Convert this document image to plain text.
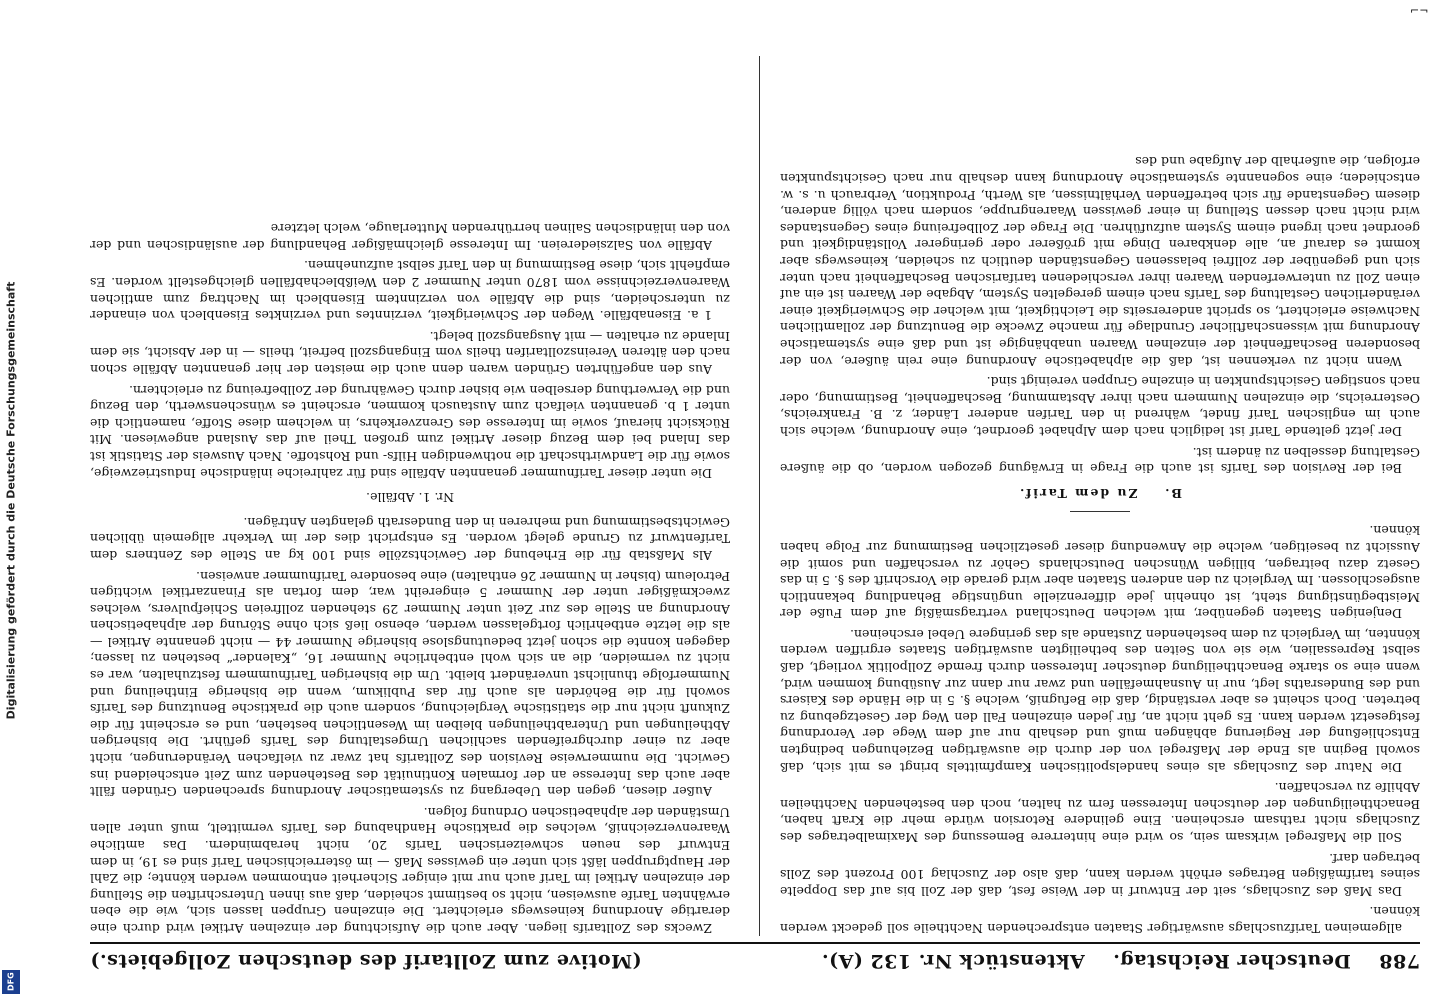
Digitalisierung gefördert durch die Deutsche Forschungsgemeinschaft
DFG
⌐¬
788
Deutscher Reichstag.
Aktenstück Nr. 132 (A).
(Motive zum Zolltarif des deutschen Zollgebiets.)

allgemeinen Tarifzuschlags auswärtiger Staaten entsprechenden Nachtheile soll gedeckt werden können.

Das Maß des Zuschlags, seit der Entwurf in der Weise fest, daß der Zoll bis auf das Doppelte seines tarifmäßigen Betrages erhöht werden kann, daß also der Zuschlag 100 Prozent des Zolls betragen darf.

Soll die Maßregel wirksam sein, so wird eine hinterrere Bemessung des Maximalbetrages des Zuschlags nicht rathsam erscheinen. Eine gelindere Retorsion würde mehr die Kraft haben, Benachtheiligungen der deutschen Interessen fern zu halten, noch den bestehenden Nachtheilen Abhilfe zu verschaffen.

Die Natur des Zuschlags als eines handelspolitischen Kampfmittels bringt es mit sich, daß sowohl Beginn als Ende der Maßregel von der durch die auswärtigen Beziehungen bedingten Entschließung der Regierung abhängen muß und deshalb nur auf dem Wege der Verordnung festgesetzt werden kann. Es geht nicht an, für jeden einzelnen Fall den Weg der Gesetzgebung zu betreten. Doch scheint es aber verständig, daß die Befugniß, welche §. 5 in die Hände des Kaisers und des Bundesraths legt, nur in Ausnahmefällen und zwar nur dann zur Ausübung kommen wird, wenn eine so starke Benachtheiligung deutscher Interessen durch fremde Zollpolitik vorliegt, daß selbst Repressalien, wie sie von Seiten des betheiligten auswärtigen Staates ergriffen werden könnten, im Vergleich zu dem bestehenden Zustande als das geringere Uebel erscheinen.

Denjenigen Staaten gegenüber, mit welchen Deutschland vertragsmäßig auf dem Fuße der Meistbegünstigung steht, ist ohnehin jede differenzielle ungünstige Behandlung bekanntlich ausgeschlossen. Im Vergleich zu den anderen Staaten aber wird gerade die Vorschrift des §. 5 in das Gesetz dazu beitragen, billigen Wünschen Deutschlands Gehör zu verschaffen und somit die Aussicht zu beseitigen, welche die Anwendung dieser gesetzlichen Bestimmung zur Folge haben können.

B.    Zu dem Tarif.

Bei der Revision des Tarifs ist auch die Frage in Erwägung gezogen worden, ob die äußere Gestaltung desselben zu ändern ist.

Der jetzt geltende Tarif ist lediglich nach dem Alphabet geordnet, eine Anordnung, welche sich auch im englischen Tarif findet, während in den Tarifen anderer Länder, z. B. Frankreichs, Oesterreichs, die einzelnen Nummern nach ihrer Abstammung, Beschaffenheit, Bestimmung, oder nach sonstigen Gesichtspunkten in einzelne Gruppen vereinigt sind.

Wenn nicht zu verkennen ist, daß die alphabetische Anordnung eine rein äußere, von der besonderen Beschaffenheit der einzelnen Waaren unabhängige ist und daß eine systematische Anordnung mit wissenschaftlicher Grundlage für manche Zwecke die Benutzung der zollamtlichen Nachweise erleichtert, so spricht andererseits die Leichtigkeit, mit welcher die Schwierigkeit einer veränderlichen Gestaltung des Tarifs nach einem geregelten System, Abgabe der Waaren ist ein auf einen Zoll zu unterwerfenden Waaren ihrer verschiedenen tarifarischen Beschaffenheit nach unter sich und gegenüber der zollfrei belassenen Gegenständen deutlich zu scheiden, keineswegs aber kommt es darauf an, alle denkbaren Dinge mit größerer oder geringerer Vollständigkeit und geordnet nach irgend einem System aufzuführen. Die Frage der Zollbefreiung eines Gegenstandes wird nicht nach dessen Stellung in einer gewissen Waarengruppe, sondern nach völlig anderen, diesem Gegenstande für sich betreffenden Verhältnissen, als Werth, Produktion, Verbrauch u. s. w. entschieden; eine sogenannte systematische Anordnung kann deshalb nur nach Gesichtspunkten erfolgen, die außerhalb der Aufgabe und des

Zwecks des Zolltarifs liegen. Aber auch die Aufsichtung der einzelnen Artikel wird durch eine derartige Anordnung keineswegs erleichtert. Die einzelnen Gruppen lassen sich, wie die eben erwähnten Tarife ausweisen, nicht so bestimmt scheiden, daß aus ihnen Unterschriften die Stellung der einzelnen Artikel im Tarif auch nur mit einiger Sicherheit entnommen werden könnte; die Zahl der Hauptgruppen läßt sich unter ein gewisses Maß — im österreichischen Tarif sind es 19, in dem Entwurf des neuen schweizerischen Tarifs 20, nicht herabmindern. Das amtliche Waarenverzeichniß, welches die praktische Handhabung des Tarifs vermittelt, muß unter allen Umständen der alphabetischen Ordnung folgen.

Außer diesen, gegen den Uebergang zu systematischer Anordnung sprechenden Gründen fällt aber auch das Interesse an der formalen Kontinuität des Bestehenden zum Zeit entscheidend ins Gewicht. Die nummerweise Revision des Zolltarifs hat zwar zu vielfachen Veränderungen, nicht aber zu einer durchgreifenden sachlichen Umgestaltung des Tarifs geführt. Die bisherigen Abtheilungen und Unterabtheilungen bleiben im Wesentlichen bestehen, und es erscheint für die Zukunft nicht nur die statistische Vergleichung, sondern auch die praktische Benutzung des Tarifs sowohl für die Behörden als auch für das Publikum, wenn die bisherige Eintheilung und Nummerfolge thunlichst unverändert bleibt. Um die bisherigen Tarifnummern festzuhalten, war es nicht zu vermeiden, die an sich wohl entbehrliche Nummer 16, „Kalender“ bestehen zu lassen; dagegen konnte die schon jetzt bedeutungslose bisherige Nummer 44 — nicht genannte Artikel — als die letzte entbehrlich fortgelassen werden, ebenso ließ sich ohne Störung der alphabetischen Anordnung an Stelle des zur Zeit unter Nummer 29 stehenden zollfreien Schiefpulvers, welches zweckmäßiger unter der Nummer 5 eingereiht war, dem fortan als Finanzartikel wichtigen Petroleum (bisher in Nummer 26 enthalten) eine besondere Tarifnummer anweisen.

Als Maßstab für die Erhebung der Gewichtszölle sind 100 kg an Stelle des Zentners dem Tarifentwurf zu Grunde gelegt worden. Es entspricht dies der im Verkehr allgemein üblichen Gewichtsbestimmung und mehreren in den Bundesrath gelangten Anträgen.

Nr. 1. Abfälle.

Die unter dieser Tarifnummer genannten Abfälle sind für zahlreiche inländische Industriezweige, sowie für die Landwirthschaft die nothwendigen Hilfs- und Rohstoffe. Nach Ausweis der Statistik ist das Inland bei dem Bezug dieser Artikel zum großen Theil auf das Ausland angewiesen. Mit Rücksicht hierauf, sowie im Interesse des Grenzverkehrs, in welchem diese Stoffe, namentlich die unter 1 b. genannten vielfach zum Austausch kommen, erscheint es wünschenswerth, den Bezug und die Verwerthung derselben wie bisher durch Gewährung der Zollbefreiung zu erleichtern.

Aus den angeführten Gründen waren denn auch die meisten der hier genannten Abfälle schon nach den älteren Vereinszolltarifen theils vom Eingangszoll befreit, theils — in der Absicht, sie dem Inlande zu erhalten — mit Ausgangszoll belegt.

1 a. Eisenabfälle. Wegen der Schwierigkeit, verzinntes und verzinktes Eisenblech von einander zu unterscheiden, sind die Abfälle von verzinntem Eisenblech im Nachtrag zum amtlichen Waarenverzeichnisse vom 1870 unter Nummer 2 den Weißblechabfällen gleichgestellt worden. Es empfiehlt sich, diese Bestimmung in den Tarif selbst aufzunehmen.

Abfälle von Salzsiedereien. Im Interesse gleichmäßiger Behandlung der ausländischen und der von den inländischen Salinen herrührenden Mutterlauge, welch letztere
